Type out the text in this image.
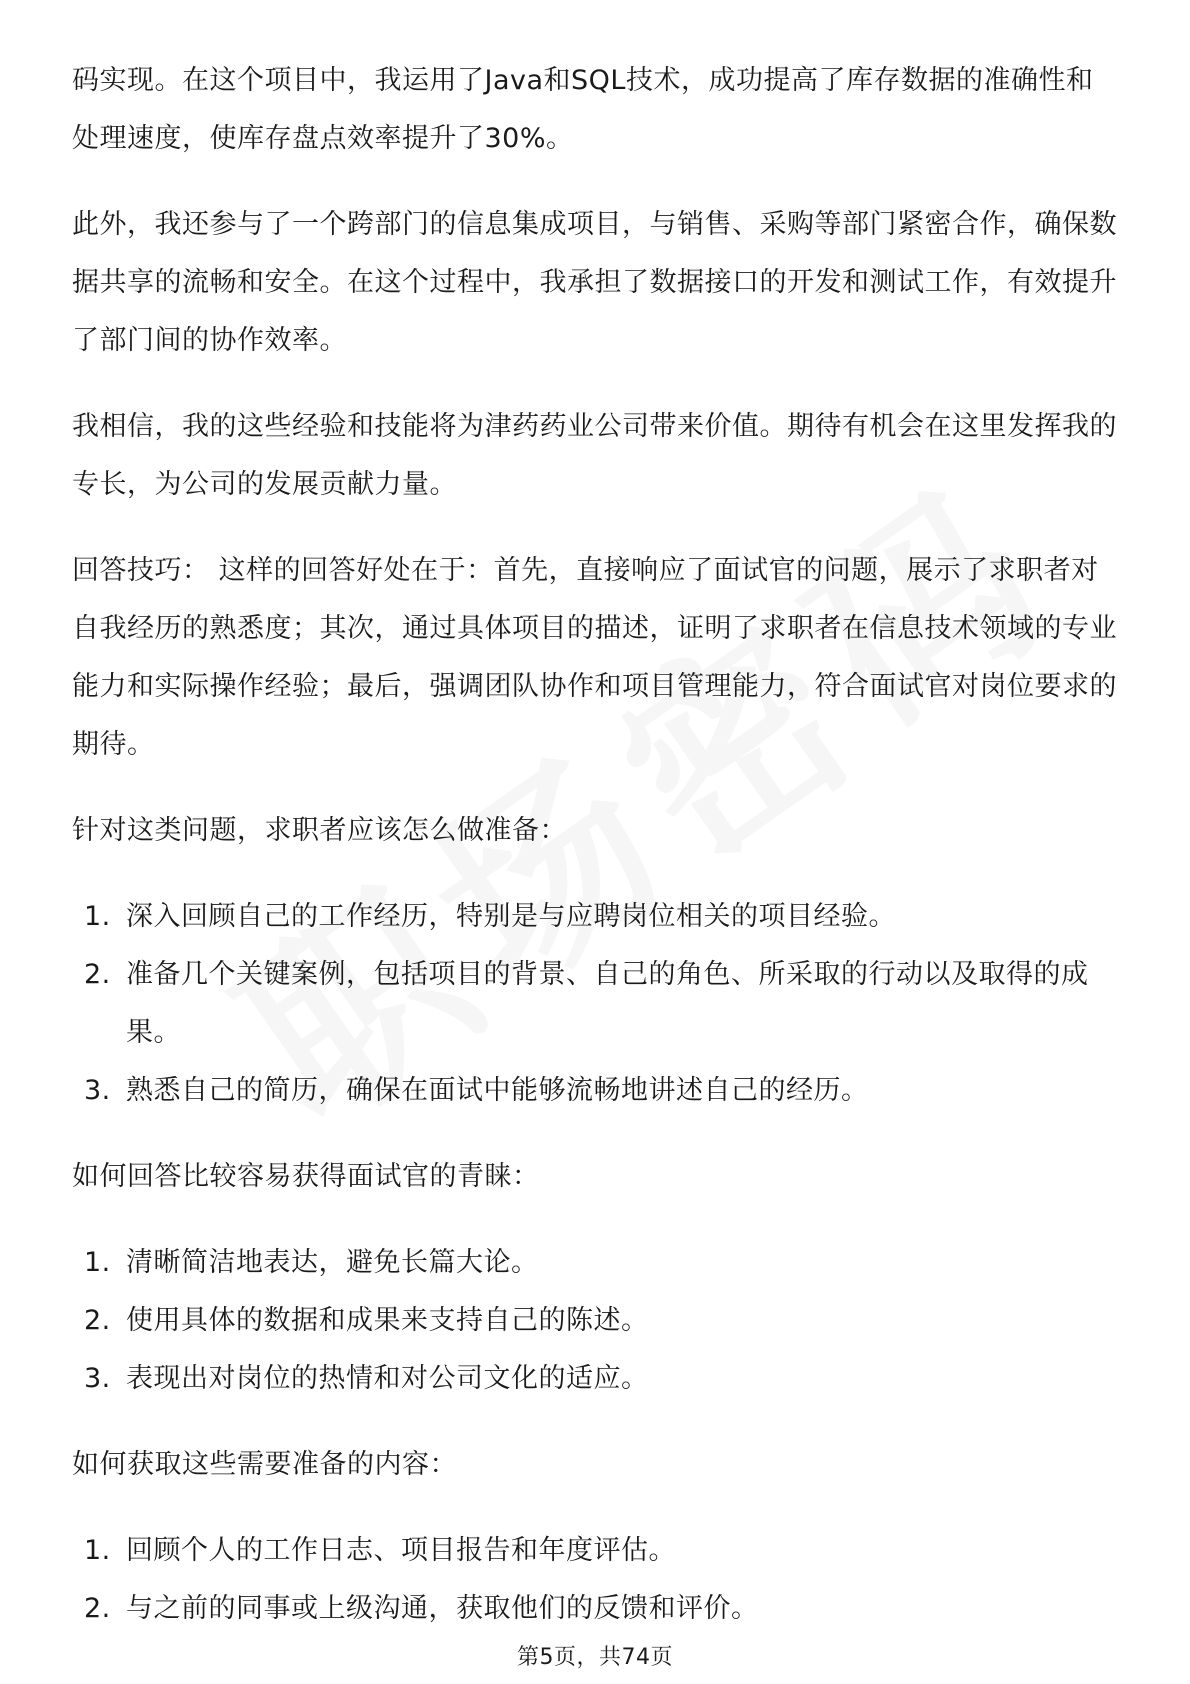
码实现。在这个项目中，我运用了Java和SQL技术，成功提高了库存数据的准确性和处理速度，使库存盘点效率提升了30%。

此外，我还参与了一个跨部门的信息集成项目，与销售、采购等部门紧密合作，确保数据共享的流畅和安全。在这个过程中，我承担了数据接口的开发和测试工作，有效提升了部门间的协作效率。

我相信，我的这些经验和技能将为津药药业公司带来价值。期待有机会在这里发挥我的专长，为公司的发展贡献力量。

回答技巧： 这样的回答好处在于：首先，直接响应了面试官的问题，展示了求职者对自我经历的熟悉度；其次，通过具体项目的描述，证明了求职者在信息技术领域的专业能力和实际操作经验；最后，强调团队协作和项目管理能力，符合面试官对岗位要求的期待。

针对这类问题，求职者应该怎么做准备：

1. 深入回顾自己的工作经历，特别是与应聘岗位相关的项目经验。
2. 准备几个关键案例，包括项目的背景、自己的角色、所采取的行动以及取得的成果。
3. 熟悉自己的简历，确保在面试中能够流畅地讲述自己的经历。

如何回答比较容易获得面试官的青睐：

1. 清晰简洁地表达，避免长篇大论。
2. 使用具体的数据和成果来支持自己的陈述。
3. 表现出对岗位的热情和对公司文化的适应。

如何获取这些需要准备的内容：

1. 回顾个人的工作日志、项目报告和年度评估。
2. 与之前的同事或上级沟通，获取他们的反馈和评价。
第5页，共74页
